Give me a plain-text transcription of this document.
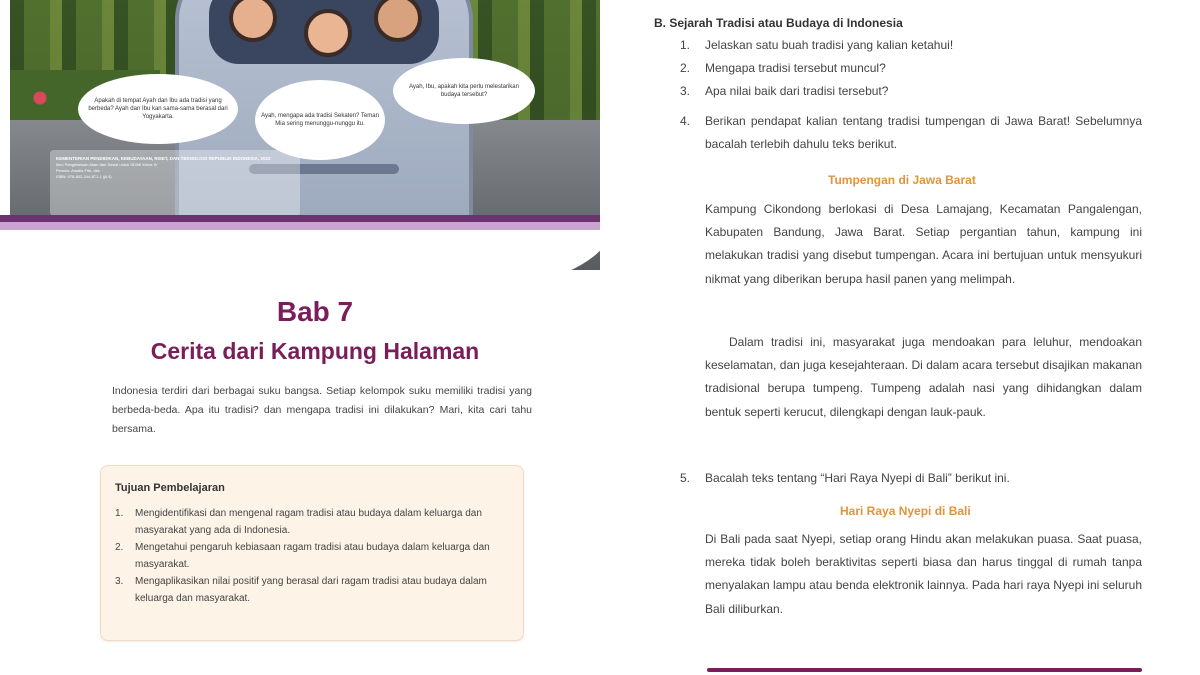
Apakah di tempat Ayah dan Ibu ada tradisi yang berbeda? Ayah dan Ibu kan sama-sama berasal dari Yogyakarta.	Ayah, mengapa ada tradisi Sekaten? Teman Mia sering menunggu-nunggu itu.
Ayah, Ibu, apakah kita perlu melestarikan budaya tersebut?
KEMENTERIAN PENDIDIKAN, KEBUDAYAAN, RISET, DAN TEKNOLOGI REPUBLIK INDONESIA, 2022
Ilmu Pengetahuan Alam dan Sosial untuk SD/MI Kelas IV
Penulis: Amalia Fitri, dkk.
ISBN: 978-602-244-871-1 (jil.4)
Bab 7
Cerita dari Kampung Halaman
Indonesia terdiri dari berbagai suku bangsa. Setiap kelompok suku memiliki tradisi yang berbeda-beda. Apa itu tradisi? dan mengapa tradisi ini dilakukan? Mari, kita cari tahu bersama.
Tujuan Pembelajaran
1.	Mengidentifikasi dan mengenal ragam tradisi atau budaya dalam keluarga dan masyarakat yang ada di Indonesia.
2.	Mengetahui pengaruh kebiasaan ragam tradisi atau budaya dalam keluarga dan masyarakat.
3.	Mengaplikasikan nilai positif yang berasal dari ragam tradisi atau budaya dalam keluarga dan masyarakat.
B. Sejarah Tradisi atau Budaya di Indonesia
1.	Jelaskan satu buah tradisi yang kalian ketahui!
2.	Mengapa tradisi tersebut muncul?
3.	Apa nilai baik dari tradisi tersebut?
4.	Berikan pendapat kalian tentang tradisi tumpengan di Jawa Barat! Sebelumnya bacalah terlebih dahulu teks berikut.
Tumpengan di Jawa Barat
Kampung Cikondong berlokasi di Desa Lamajang, Kecamatan Pangalengan, Kabupaten Bandung, Jawa Barat. Setiap pergantian tahun, kampung ini melakukan tradisi yang disebut tumpengan. Acara ini bertujuan untuk mensyukuri nikmat yang diberikan berupa hasil panen yang melimpah.
Dalam tradisi ini, masyarakat juga mendoakan para leluhur, mendoakan keselamatan, dan juga kesejahteraan. Di dalam acara tersebut disajikan makanan tradisional berupa tumpeng. Tumpeng adalah nasi yang dihidangkan dalam bentuk seperti kerucut, dilengkapi dengan lauk-pauk.
5.	Bacalah teks tentang “Hari Raya Nyepi di Bali” berikut ini.
Hari Raya Nyepi di Bali
Di Bali pada saat Nyepi, setiap orang Hindu akan melakukan puasa. Saat puasa, mereka tidak boleh beraktivitas seperti biasa dan harus tinggal di rumah tanpa menyalakan lampu atau benda elektronik lainnya. Pada hari raya Nyepi ini seluruh Bali diliburkan.
